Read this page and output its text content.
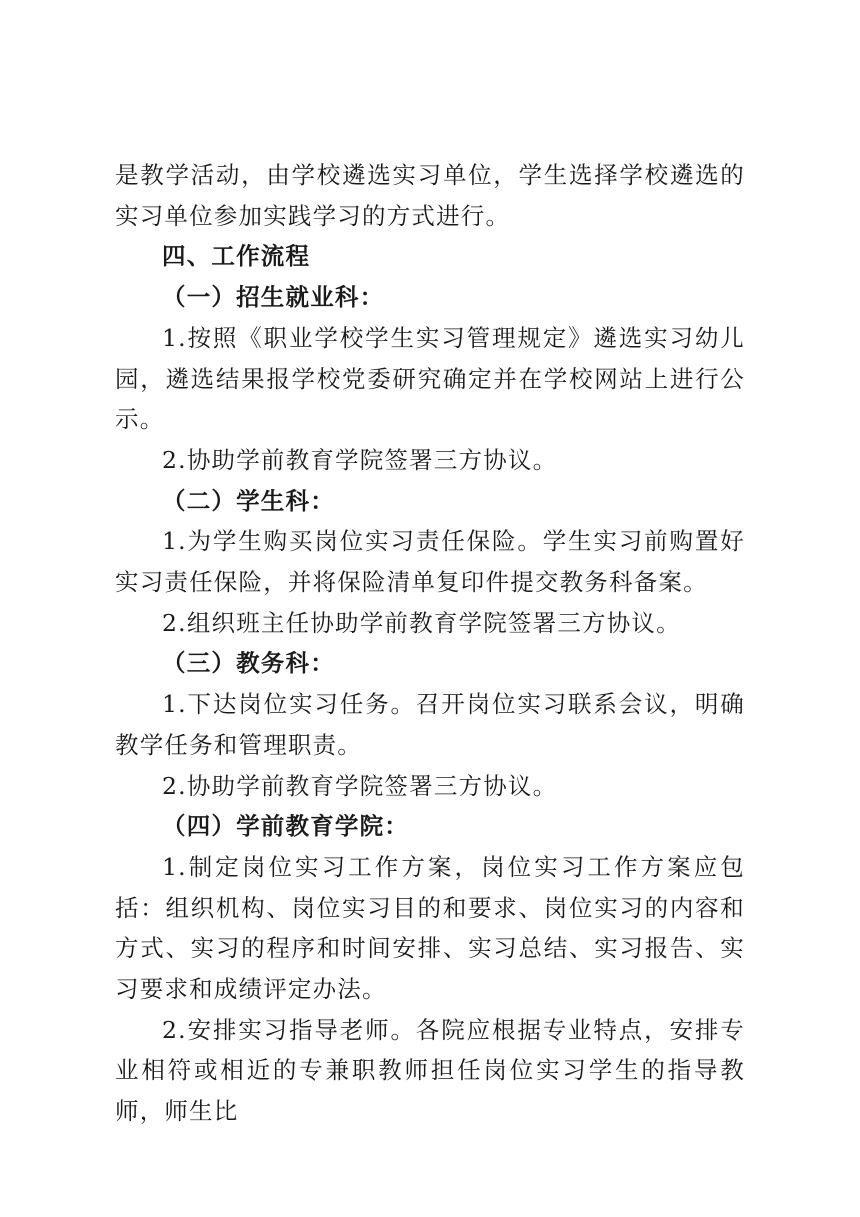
是教学活动，由学校遴选实习单位，学生选择学校遴选的实习单位参加实践学习的方式进行。

四、工作流程

（一）招生就业科：

1.按照《职业学校学生实习管理规定》遴选实习幼儿园，遴选结果报学校党委研究确定并在学校网站上进行公示。

2.协助学前教育学院签署三方协议。

（二）学生科：

1.为学生购买岗位实习责任保险。学生实习前购置好实习责任保险，并将保险清单复印件提交教务科备案。

2.组织班主任协助学前教育学院签署三方协议。

（三）教务科：

1.下达岗位实习任务。召开岗位实习联系会议，明确教学任务和管理职责。

2.协助学前教育学院签署三方协议。

（四）学前教育学院：

1.制定岗位实习工作方案，岗位实习工作方案应包括：组织机构、岗位实习目的和要求、岗位实习的内容和方式、实习的程序和时间安排、实习总结、实习报告、实习要求和成绩评定办法。

2.安排实习指导老师。各院应根据专业特点，安排专业相符或相近的专兼职教师担任岗位实习学生的指导教师，师生比
